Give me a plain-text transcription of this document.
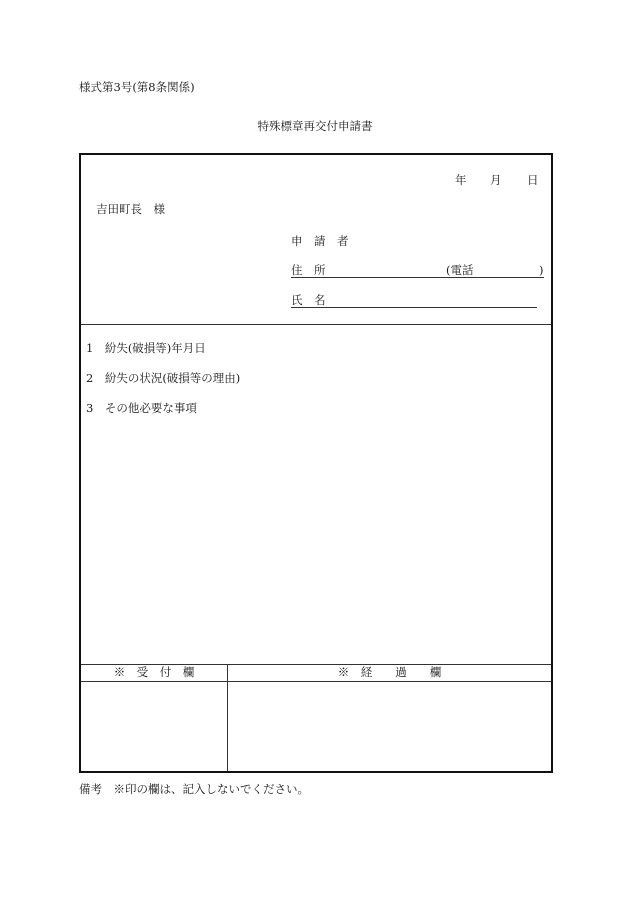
様式第3号(第8条関係)
特殊標章再交付申請書
年 月 日
吉田町長　様
申　請　者
住　所	(電話	)
氏　名
1　紛失(破損等)年月日
2　紛失の状況(破損等の理由)
3　その他必要な事項
※　受　付　欄	※　経　　過　　欄
備考　※印の欄は、記入しないでください。
